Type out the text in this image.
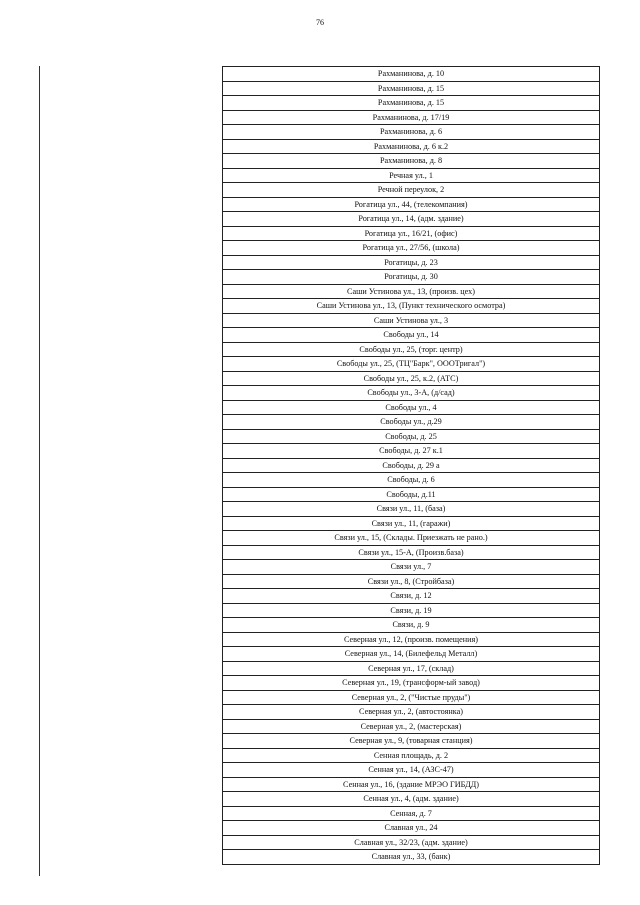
76
Рахманинова, д. 10
Рахманинова, д. 15
Рахманинова, д. 15
Рахманинова, д. 17/19
Рахманинова, д. 6
Рахманинова, д. 6 к.2
Рахманинова, д. 8
Речная ул., 1
Речной переулок, 2
Рогатица ул., 44, (телекомпания)
Рогатица ул., 14, (адм. здание)
Рогатица ул., 16/21, (офис)
Рогатица ул., 27/56, (школа)
Рогатицы, д. 23
Рогатицы, д. 30
Саши Устинова ул., 13, (произв. цех)
Саши Устинова ул., 13, (Пункт технического осмотра)
Саши Устинова ул., 3
Свободы ул., 14
Свободы ул., 25, (торг. центр)
Свободы ул., 25, (ТЦ"Барк", ОООТригал")
Свободы ул., 25, к.2, (АТС)
Свободы ул., 3-А, (д/сад)
Свободы ул., 4
Свободы ул., д.29
Свободы, д. 25
Свободы, д. 27 к.1
Свободы, д. 29 а
Свободы, д. 6
Свободы, д.11
Связи ул., 11, (база)
Связи ул., 11, (гаражи)
Связи ул., 15, (Склады. Приезжать не рано.)
Связи ул., 15-А, (Произв.база)
Связи ул., 7
Связи ул., 8, (Стройбаза)
Связи, д. 12
Связи, д. 19
Связи, д. 9
Северная ул., 12, (произв. помещения)
Северная ул., 14, (Билефельд Металл)
Северная ул., 17, (склад)
Северная ул., 19, (трансформ-ый завод)
Северная ул., 2, ("Чистые пруды")
Северная ул., 2, (автостоянка)
Северная ул., 2, (мастерская)
Северная ул., 9, (товарная станция)
Сенная площадь, д. 2
Сенная ул., 14, (АЗС-47)
Сенная ул., 16, (здание МРЭО ГИБДД)
Сенная ул., 4, (адм. здание)
Сенная, д. 7
Славная ул., 24
Славная ул., 32/23, (адм. здание)
Славная ул., 33, (банк)
